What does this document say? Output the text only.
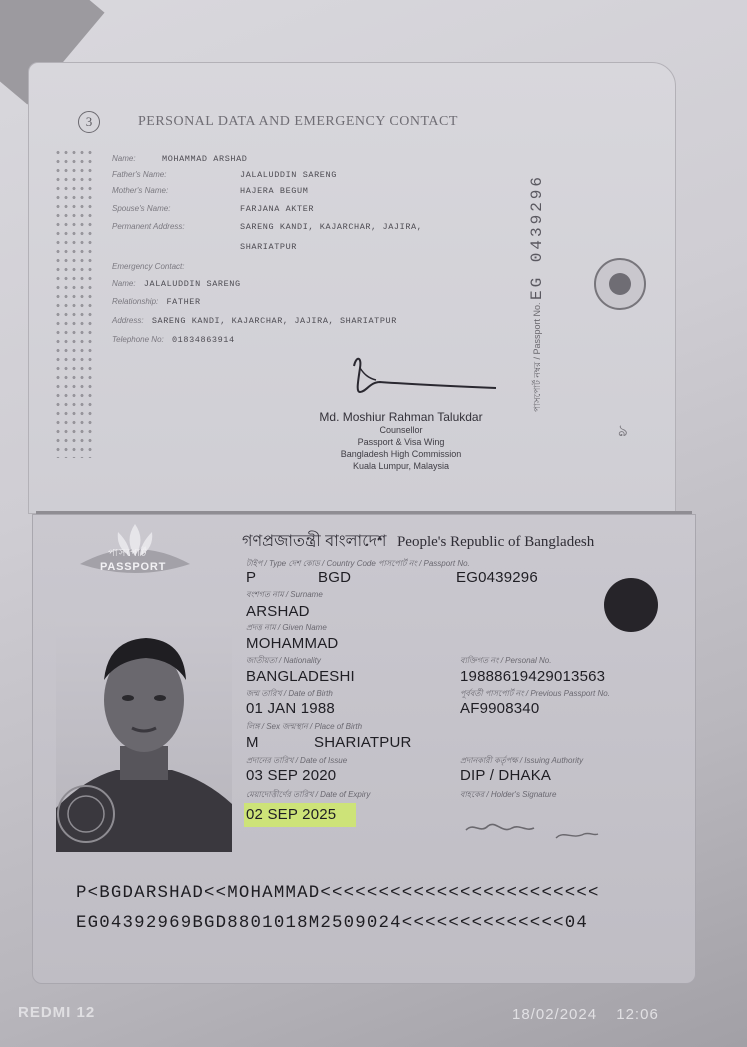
3	PERSONAL DATA AND EMERGENCY CONTACT
Name:	MOHAMMAD ARSHAD
Father's Name:	JALALUDDIN SARENG
Mother's Name:	HAJERA BEGUM
Spouse's Name:	FARJANA AKTER
Permanent Address:	SARENG KANDI, KAJARCHAR, JAJIRA,
SHARIATPUR
Emergency Contact:
Name: JALALUDDIN SARENG
Relationship: FATHER
Address: SARENG KANDI, KAJARCHAR, JAJIRA, SHARIATPUR
Telephone No: 01834863914	পাসপোর্ট নম্বর / Passport No. EG 0439296
Md. Moshiur Rahman Talukdar
Counsellor
Passport & Visa Wing
Bangladesh High Commission
Kuala Lumpur, Malaysia
ঌ
পাসপোর্ট
PASSPORT
গণপ্রজাতন্ত্রী বাংলাদেশ People's Republic of Bangladesh
টাইপ / Type দেশ কোড / Country Code পাসপোর্ট নং / Passport No.
P	BGD	EG0439296
বংশগত নাম / Surname
ARSHAD
প্রদত্ত নাম / Given Name
MOHAMMAD
জাতীয়তা / Nationality
BANGLADESHI
ব্যক্তিগত নং / Personal No.
19888619429013563
জন্ম তারিখ / Date of Birth
01 JAN 1988
পূর্ববর্তী পাসপোর্ট নং / Previous Passport No.
AF9908340
লিঙ্গ / Sex জন্মস্থান / Place of Birth
M	SHARIATPUR
প্রদানের তারিখ / Date of Issue
03 SEP 2020
প্রদানকারী কর্তৃপক্ষ / Issuing Authority
DIP / DHAKA
মেয়াদোত্তীর্ণের তারিখ / Date of Expiry
02 SEP 2025
বাহকের / Holder's Signature
P<BGDARSHAD<<MOHAMMAD<<<<<<<<<<<<<<<<<<<<<<<<
EG04392969BGD8801018M2509024<<<<<<<<<<<<<<04
REDMI 12	18/02/2024 12:06
